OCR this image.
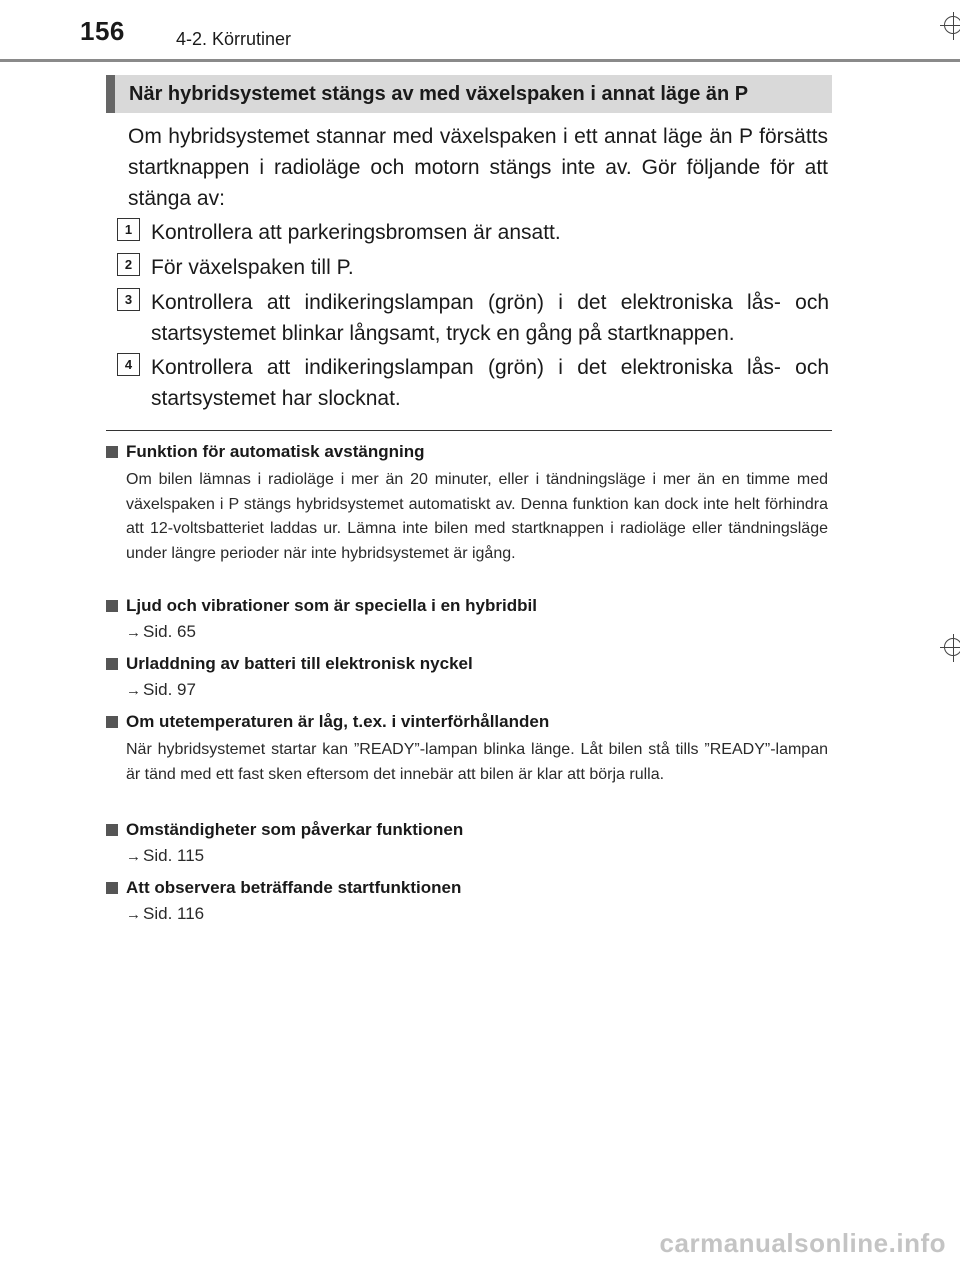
156	4-2. Körrutiner
När hybridsystemet stängs av med växelspaken i annat läge än P
Om hybridsystemet stannar med växelspaken i ett annat läge än P försätts startknappen i radioläge och motorn stängs inte av. Gör följande för att stänga av:
1 Kontrollera att parkeringsbromsen är ansatt.
2 För växelspaken till P.
3 Kontrollera att indikeringslampan (grön) i det elektroniska lås- och startsystemet blinkar långsamt, tryck en gång på startknappen.
4 Kontrollera att indikeringslampan (grön) i det elektroniska lås- och startsystemet har slocknat.
Funktion för automatisk avstängning
Om bilen lämnas i radioläge i mer än 20 minuter, eller i tändningsläge i mer än en timme med växelspaken i P stängs hybridsystemet automatiskt av. Denna funktion kan dock inte helt förhindra att 12-voltsbatteriet laddas ur. Lämna inte bilen med startknappen i radioläge eller tändningsläge under längre perioder när inte hybridsystemet är igång.
Ljud och vibrationer som är speciella i en hybridbil
→ Sid. 65
Urladdning av batteri till elektronisk nyckel
→ Sid. 97
Om utetemperaturen är låg, t.ex. i vinterförhållanden
När hybridsystemet startar kan ”READY”-lampan blinka länge. Låt bilen stå tills ”READY”-lampan är tänd med ett fast sken eftersom det innebär att bilen är klar att börja rulla.
Omständigheter som påverkar funktionen
→ Sid. 115
Att observera beträffande startfunktionen
→ Sid. 116
carmanualsonline.info
